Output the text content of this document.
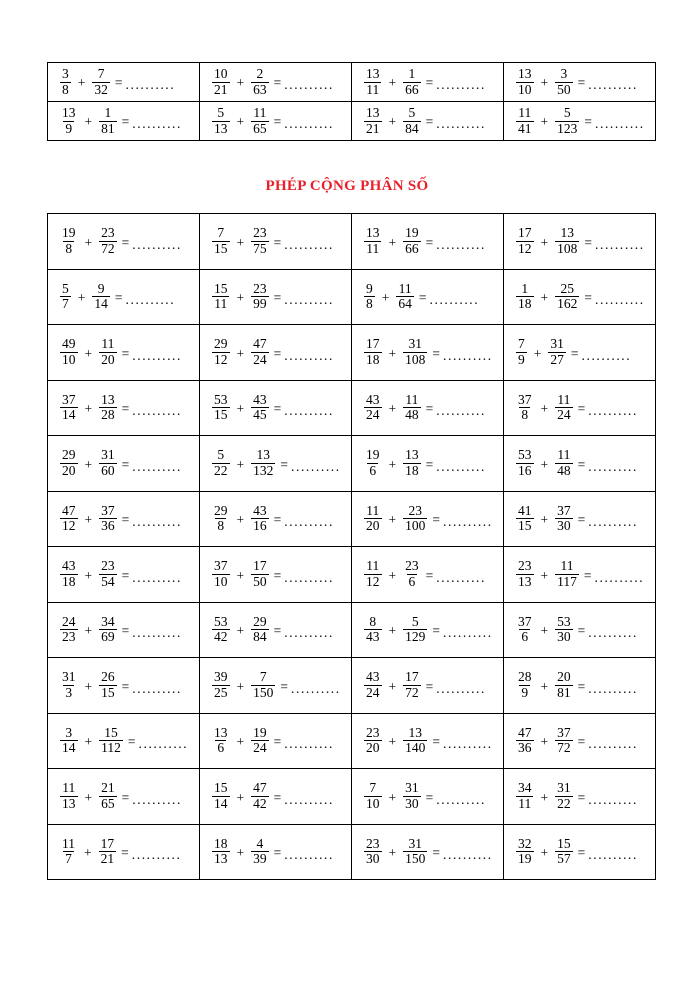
$\frac{3}{8} + \frac{7}{32}$ = ..........	$\frac{10}{21} + \frac{2}{63}$ = ..........	$\frac{13}{11} + \frac{1}{66}$ = ..........	$\frac{13}{10} + \frac{3}{50}$ = ..........

$\frac{13}{9} + \frac{1}{81}$ = ..........	$\frac{5}{13} + \frac{11}{65}$ = ..........	$\frac{13}{21} + \frac{5}{84}$ = ..........	$\frac{11}{41} + \frac{5}{123}$ = ..........
PHÉP CỘNG PHÂN SỐ
$\frac{19}{8} + \frac{23}{72}$ = ..........	$\frac{7}{15} + \frac{23}{75}$ = ..........	$\frac{13}{11} + \frac{19}{66}$ = ..........	$\frac{17}{12} + \frac{13}{108}$ = ..........

$\frac{5}{7} + \frac{9}{14}$ = ..........	$\frac{15}{11} + \frac{23}{99}$ = ..........	$\frac{9}{8} + \frac{11}{64}$ = ..........	$\frac{1}{18} + \frac{25}{162}$ = ..........

$\frac{49}{10} + \frac{11}{20}$ = ..........	$\frac{29}{12} + \frac{47}{24}$ = ..........	$\frac{17}{18} + \frac{31}{108}$ = ..........	$\frac{7}{9} + \frac{31}{27}$ = ..........

$\frac{37}{14} + \frac{13}{28}$ = ..........	$\frac{53}{15} + \frac{43}{45}$ = ..........	$\frac{43}{24} + \frac{11}{48}$ = ..........	$\frac{37}{8} + \frac{11}{24}$ = ..........

$\frac{29}{20} + \frac{31}{60}$ = ..........	$\frac{5}{22} + \frac{13}{132}$ = ..........	$\frac{19}{6} + \frac{13}{18}$ = ..........	$\frac{53}{16} + \frac{11}{48}$ = ..........

$\frac{47}{12} + \frac{37}{36}$ = ..........	$\frac{29}{8} + \frac{43}{16}$ = ..........	$\frac{11}{20} + \frac{23}{100}$ = ..........	$\frac{41}{15} + \frac{37}{30}$ = ..........

$\frac{43}{18} + \frac{23}{54}$ = ..........	$\frac{37}{10} + \frac{17}{50}$ = ..........	$\frac{11}{12} + \frac{23}{6}$ = ..........	$\frac{23}{13} + \frac{11}{117}$ = ..........

$\frac{24}{23} + \frac{34}{69}$ = ..........	$\frac{53}{42} + \frac{29}{84}$ = ..........	$\frac{8}{43} + \frac{5}{129}$ = ..........	$\frac{37}{6} + \frac{53}{30}$ = ..........

$\frac{31}{3} + \frac{26}{15}$ = ..........	$\frac{39}{25} + \frac{7}{150}$ = ..........	$\frac{43}{24} + \frac{17}{72}$ = ..........	$\frac{28}{9} + \frac{20}{81}$ = ..........

$\frac{3}{14} + \frac{15}{112}$ = ..........	$\frac{13}{6} + \frac{19}{24}$ = ..........	$\frac{23}{20} + \frac{13}{140}$ = ..........	$\frac{47}{36} + \frac{37}{72}$ = ..........

$\frac{11}{13} + \frac{21}{65}$ = ..........	$\frac{15}{14} + \frac{47}{42}$ = ..........	$\frac{7}{10} + \frac{31}{30}$ = ..........	$\frac{34}{11} + \frac{31}{22}$ = ..........

$\frac{11}{7} + \frac{17}{21}$ = ..........	$\frac{18}{13} + \frac{4}{39}$ = ..........	$\frac{23}{30} + \frac{31}{150}$ = ..........	$\frac{32}{19} + \frac{15}{57}$ = ..........
